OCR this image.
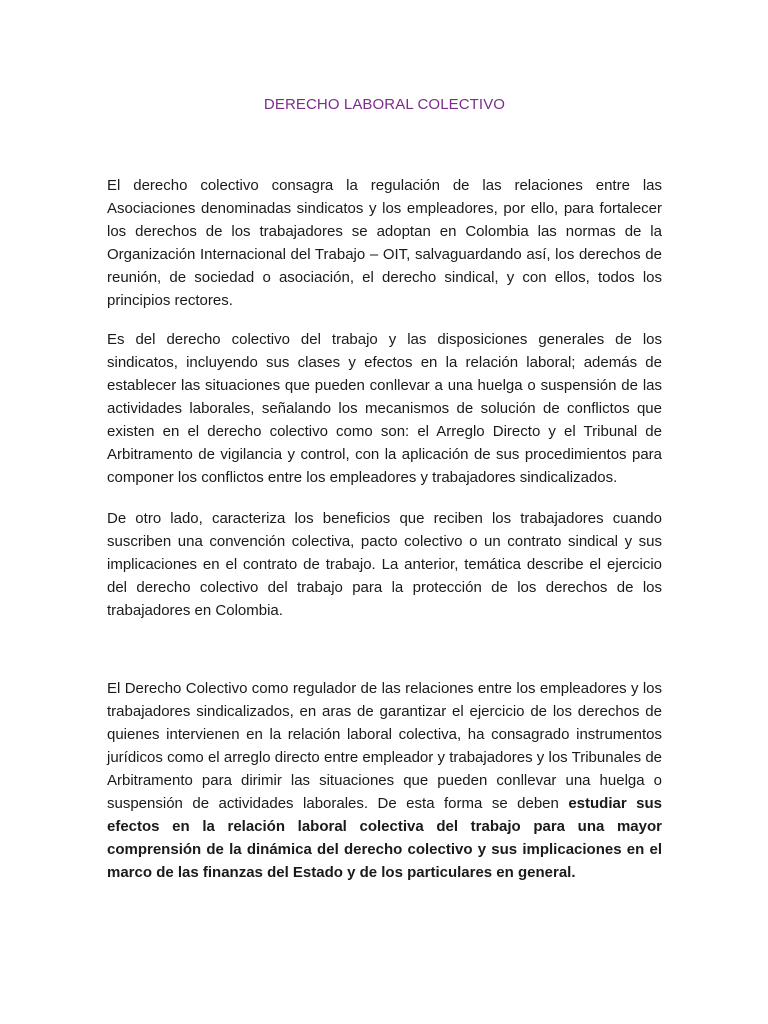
DERECHO LABORAL COLECTIVO

El derecho colectivo consagra la regulación de las relaciones entre las Asociaciones denominadas sindicatos y los empleadores, por ello, para fortalecer los derechos de los trabajadores se adoptan en Colombia las normas de la Organización Internacional del Trabajo – OIT, salvaguardando así, los derechos de reunión, de sociedad o asociación, el derecho sindical, y con ellos, todos los principios rectores.

Es del derecho colectivo del trabajo y las disposiciones generales de los sindicatos, incluyendo sus clases y efectos en la relación laboral; además de establecer las situaciones que pueden conllevar a una huelga o suspensión de las actividades laborales, señalando los mecanismos de solución de conflictos que existen en el derecho colectivo como son: el Arreglo Directo y el Tribunal de Arbitramento de vigilancia y control, con la aplicación de sus procedimientos para componer los conflictos entre los empleadores y trabajadores sindicalizados.

De otro lado, caracteriza los beneficios que reciben los trabajadores cuando suscriben una convención colectiva, pacto colectivo o un contrato sindical y sus implicaciones en el contrato de trabajo. La anterior, temática describe el ejercicio del derecho colectivo del trabajo para la protección de los derechos de los trabajadores en Colombia.

El Derecho Colectivo como regulador de las relaciones entre los empleadores y los trabajadores sindicalizados, en aras de garantizar el ejercicio de los derechos de quienes intervienen en la relación laboral colectiva, ha consagrado instrumentos jurídicos como el arreglo directo entre empleador y trabajadores y los Tribunales de Arbitramento para dirimir las situaciones que pueden conllevar una huelga o suspensión de actividades laborales. De esta forma se deben estudiar sus efectos en la relación laboral colectiva del trabajo para una mayor comprensión de la dinámica del derecho colectivo y sus implicaciones en el marco de las finanzas del Estado y de los particulares en general.
